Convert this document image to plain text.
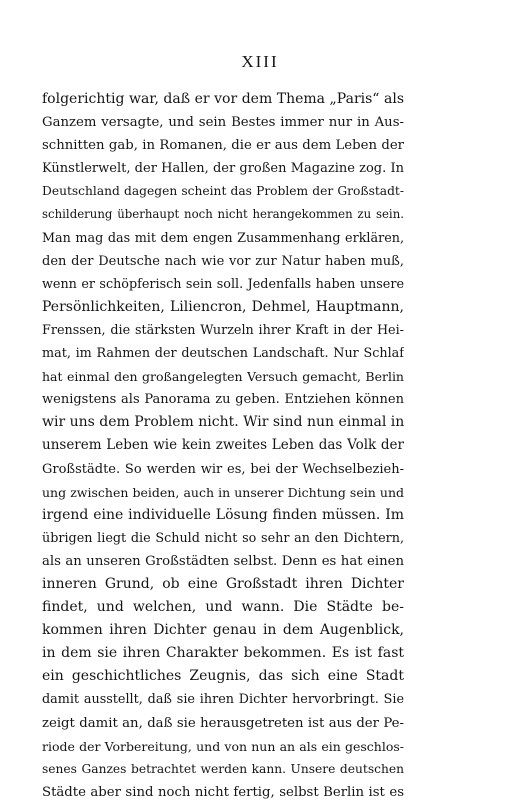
XIII
folgerichtig war, daß er vor dem Thema „Paris“ als
Ganzem versagte, und sein Bestes immer nur in Aus-
schnitten gab, in Romanen, die er aus dem Leben der
Künstlerwelt, der Hallen, der großen Magazine zog. In
Deutschland dagegen scheint das Problem der Großstadt-
schilderung überhaupt noch nicht herangekommen zu sein.
Man mag das mit dem engen Zusammenhang erklären,
den der Deutsche nach wie vor zur Natur haben muß,
wenn er schöpferisch sein soll. Jedenfalls haben unsere
Persönlichkeiten, Liliencron, Dehmel, Hauptmann,
Frenssen, die stärksten Wurzeln ihrer Kraft in der Hei-
mat, im Rahmen der deutschen Landschaft. Nur Schlaf
hat einmal den großangelegten Versuch gemacht, Berlin
wenigstens als Panorama zu geben. Entziehen können
wir uns dem Problem nicht. Wir sind nun einmal in
unserem Leben wie kein zweites Leben das Volk der
Großstädte. So werden wir es, bei der Wechselbezieh-
ung zwischen beiden, auch in unserer Dichtung sein und
irgend eine individuelle Lösung finden müssen. Im
übrigen liegt die Schuld nicht so sehr an den Dichtern,
als an unseren Großstädten selbst. Denn es hat einen
inneren Grund, ob eine Großstadt ihren Dichter
findet, und welchen, und wann. Die Städte be-
kommen ihren Dichter genau in dem Augenblick,
in dem sie ihren Charakter bekommen. Es ist fast
ein geschichtliches Zeugnis, das sich eine Stadt
damit ausstellt, daß sie ihren Dichter hervorbringt. Sie
zeigt damit an, daß sie herausgetreten ist aus der Pe-
riode der Vorbereitung, und von nun an als ein geschlos-
senes Ganzes betrachtet werden kann. Unsere deutschen
Städte aber sind noch nicht fertig, selbst Berlin ist es
